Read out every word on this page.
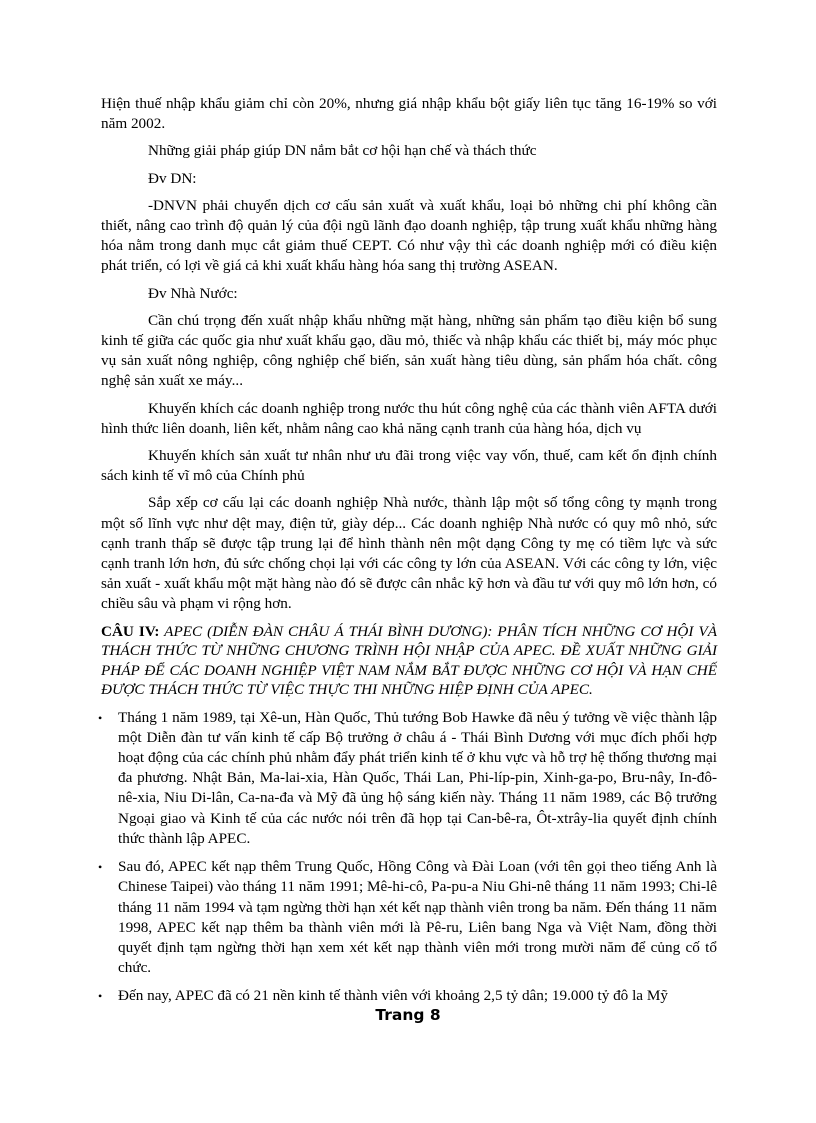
Hiện thuế nhập khẩu giảm chỉ còn 20%, nhưng giá nhập khẩu bột giấy liên tục tăng 16-19% so với năm 2002.

Những giải pháp giúp DN nắm bắt cơ hội hạn chế và thách thức

Đv DN:

-DNVN phải chuyển dịch cơ cấu sản xuất và xuất khẩu, loại bỏ những chi phí không cần thiết, nâng cao trình độ quản lý của đội ngũ lãnh đạo doanh nghiệp, tập trung xuất khẩu những hàng hóa nằm trong danh mục cắt giảm thuế CEPT. Có như vậy thì các doanh nghiệp mới có điều kiện phát triển, có lợi về giá cả khi xuất khẩu hàng hóa sang thị trường ASEAN.

Đv Nhà Nước:

Cần chú trọng đến xuất nhập khẩu những mặt hàng, những sản phẩm tạo điều kiện bổ sung kinh tế giữa các quốc gia như xuất khẩu gạo, dầu mỏ, thiếc và nhập khẩu các thiết bị, máy móc phục vụ sản xuất nông nghiệp, công nghiệp chế biến, sản xuất hàng tiêu dùng, sản phẩm hóa chất. công nghệ sản xuất xe máy...

Khuyến khích các doanh nghiệp trong nước thu hút công nghệ của các thành viên AFTA dưới hình thức liên doanh, liên kết, nhằm nâng cao khả năng cạnh tranh của hàng hóa, dịch vụ

Khuyến khích sản xuất tư nhân như ưu đãi trong việc vay vốn, thuế, cam kết ổn định chính sách kinh tế vĩ mô của Chính phủ

Sắp xếp cơ cấu lại các doanh nghiệp Nhà nước, thành lập một số tổng công ty mạnh trong một số lĩnh vực như dệt may, điện tử, giày dép... Các doanh nghiệp Nhà nước có quy mô nhỏ, sức cạnh tranh thấp sẽ được tập trung lại để hình thành nên một dạng Công ty mẹ có tiềm lực và sức cạnh tranh lớn hơn, đủ sức chống chọi lại với các công ty lớn của ASEAN. Với các công ty lớn, việc sản xuất - xuất khẩu một mặt hàng nào đó sẽ được cân nhắc kỹ hơn và đầu tư với quy mô lớn hơn, có chiều sâu và phạm vi rộng hơn.

CÂU IV: APEC (DIỄN ĐÀN CHÂU Á THÁI BÌNH DƯƠNG): PHÂN TÍCH NHỮNG CƠ HỘI VÀ THÁCH THỨC TỪ NHỮNG CHƯƠNG TRÌNH HỘI NHẬP CỦA APEC. ĐỀ XUẤT NHỮNG GIẢI PHÁP ĐỂ CÁC DOANH NGHIỆP VIỆT NAM NẮM BẮT ĐƯỢC NHỮNG CƠ HỘI VÀ HẠN CHẾ ĐƯỢC THÁCH THỨC TỪ VIỆC THỰC THI NHỮNG HIỆP ĐỊNH CỦA APEC.

• Tháng 1 năm 1989, tại Xê-un, Hàn Quốc, Thủ tướng Bob Hawke đã nêu ý tưởng về việc thành lập một Diễn đàn tư vấn kinh tế cấp Bộ trưởng ở châu á - Thái Bình Dương với mục đích phối hợp hoạt động của các chính phủ nhằm đẩy phát triển kinh tế ở khu vực và hỗ trợ hệ thống thương mại đa phương. Nhật Bản, Ma-lai-xia, Hàn Quốc, Thái Lan, Phi-líp-pin, Xinh-ga-po, Bru-nây, In-đô-nê-xia, Niu Di-lân, Ca-na-đa và Mỹ đã ủng hộ sáng kiến này. Tháng 11 năm 1989, các Bộ trưởng Ngoại giao và Kinh tế của các nước nói trên đã họp tại Can-bê-ra, Ôt-xtrây-lia quyết định chính thức thành lập APEC.
• Sau đó, APEC kết nạp thêm Trung Quốc, Hồng Công và Đài Loan (với tên gọi theo tiếng Anh là Chinese Taipei) vào tháng 11 năm 1991; Mê-hi-cô, Pa-pu-a Niu Ghi-nê tháng 11 năm 1993; Chi-lê tháng 11 năm 1994 và tạm ngừng thời hạn xét kết nạp thành viên trong ba năm. Đến tháng 11 năm 1998, APEC kết nạp thêm ba thành viên mới là Pê-ru, Liên bang Nga và Việt Nam, đồng thời quyết định tạm ngừng thời hạn xem xét kết nạp thành viên mới trong mười năm để củng cố tổ chức.
• Đến nay, APEC đã có 21 nền kinh tế thành viên với khoảng 2,5 tỷ dân; 19.000 tỷ đô la Mỹ
Trang 8
